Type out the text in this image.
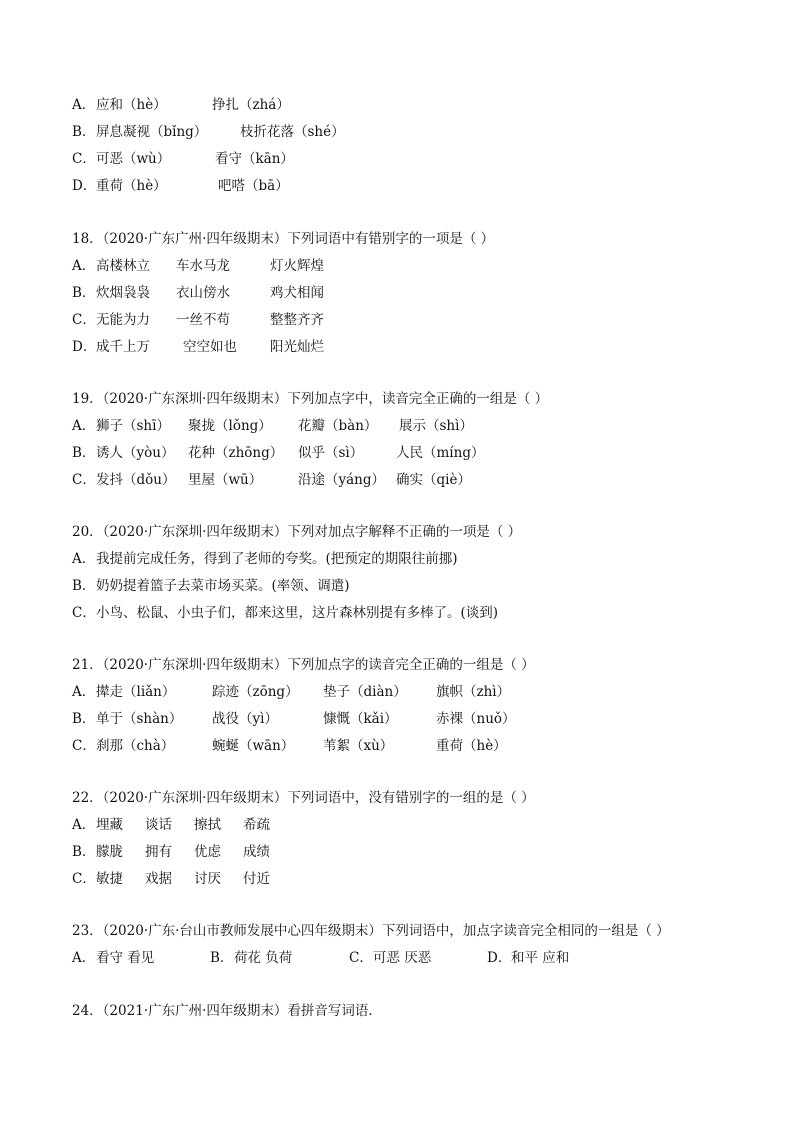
A． 应和（hè）	挣扎（zhá）
B． 屏息凝视（bǐng） 枝折花落（shé）
C． 可恶（wù）	看守（kān）
D． 重荷（hè）	吧嗒（bā）
18．（2020·广东广州·四年级期末）下列词语中有错别字的一项是（ ）
A． 高楼林立 车水马龙	灯火辉煌
B． 炊烟袅袅 衣山傍水	鸡犬相闻
C． 无能为力 一丝不苟	整整齐齐
D． 成千上万 空空如也 阳光灿烂
19．（2020·广东深圳·四年级期末）下列加点字中，读音完全正确的一组是（ ）
A． 狮子（shī） 聚拢（lǒng） 花瓣（bàn） 展示（shì）
B． 诱人（yòu） 花种（zhōng） 似乎（sì） 人民（míng）
C． 发抖（dǒu） 里屋（wū）	沿途（yáng） 确实（qiè）
20．（2020·广东深圳·四年级期末）下列对加点字解释不正确的一项是（ ）
A． 我提前完成任务，得到了老师的夸奖。(把预定的期限往前挪)
B． 奶奶提着篮子去菜市场买菜。(率领、调遣)
C． 小鸟、松鼠、小虫子们，都来这里，这片森林别提有多棒了。(谈到)
21．（2020·广东深圳·四年级期末）下列加点字的读音完全正确的一组是（ ）
A． 撵走（liǎn）	踪迹（zōng） 垫子（diàn） 旗帜（zhì）
B． 单于（shàn） 战役（yì）	慷慨（kǎi）	赤裸（nuǒ）
C． 刹那（chà）	蜿蜒（wān） 苇絮（xù）	重荷（hè）
22．（2020·广东深圳·四年级期末）下列词语中，没有错别字的一组的是（ ）
A． 埋藏 谈话 擦拭 希疏
B． 朦胧 拥有 优虑 成绩
C． 敏捷 戏据 讨厌 付近
23．（2020·广东·台山市教师发展中心四年级期末）下列词语中，加点字读音完全相同的一组是（ ）
A． 看守 看见	B． 荷花 负荷	C． 可恶 厌恶	D． 和平 应和
24．（2021·广东广州·四年级期末）看拼音写词语．
